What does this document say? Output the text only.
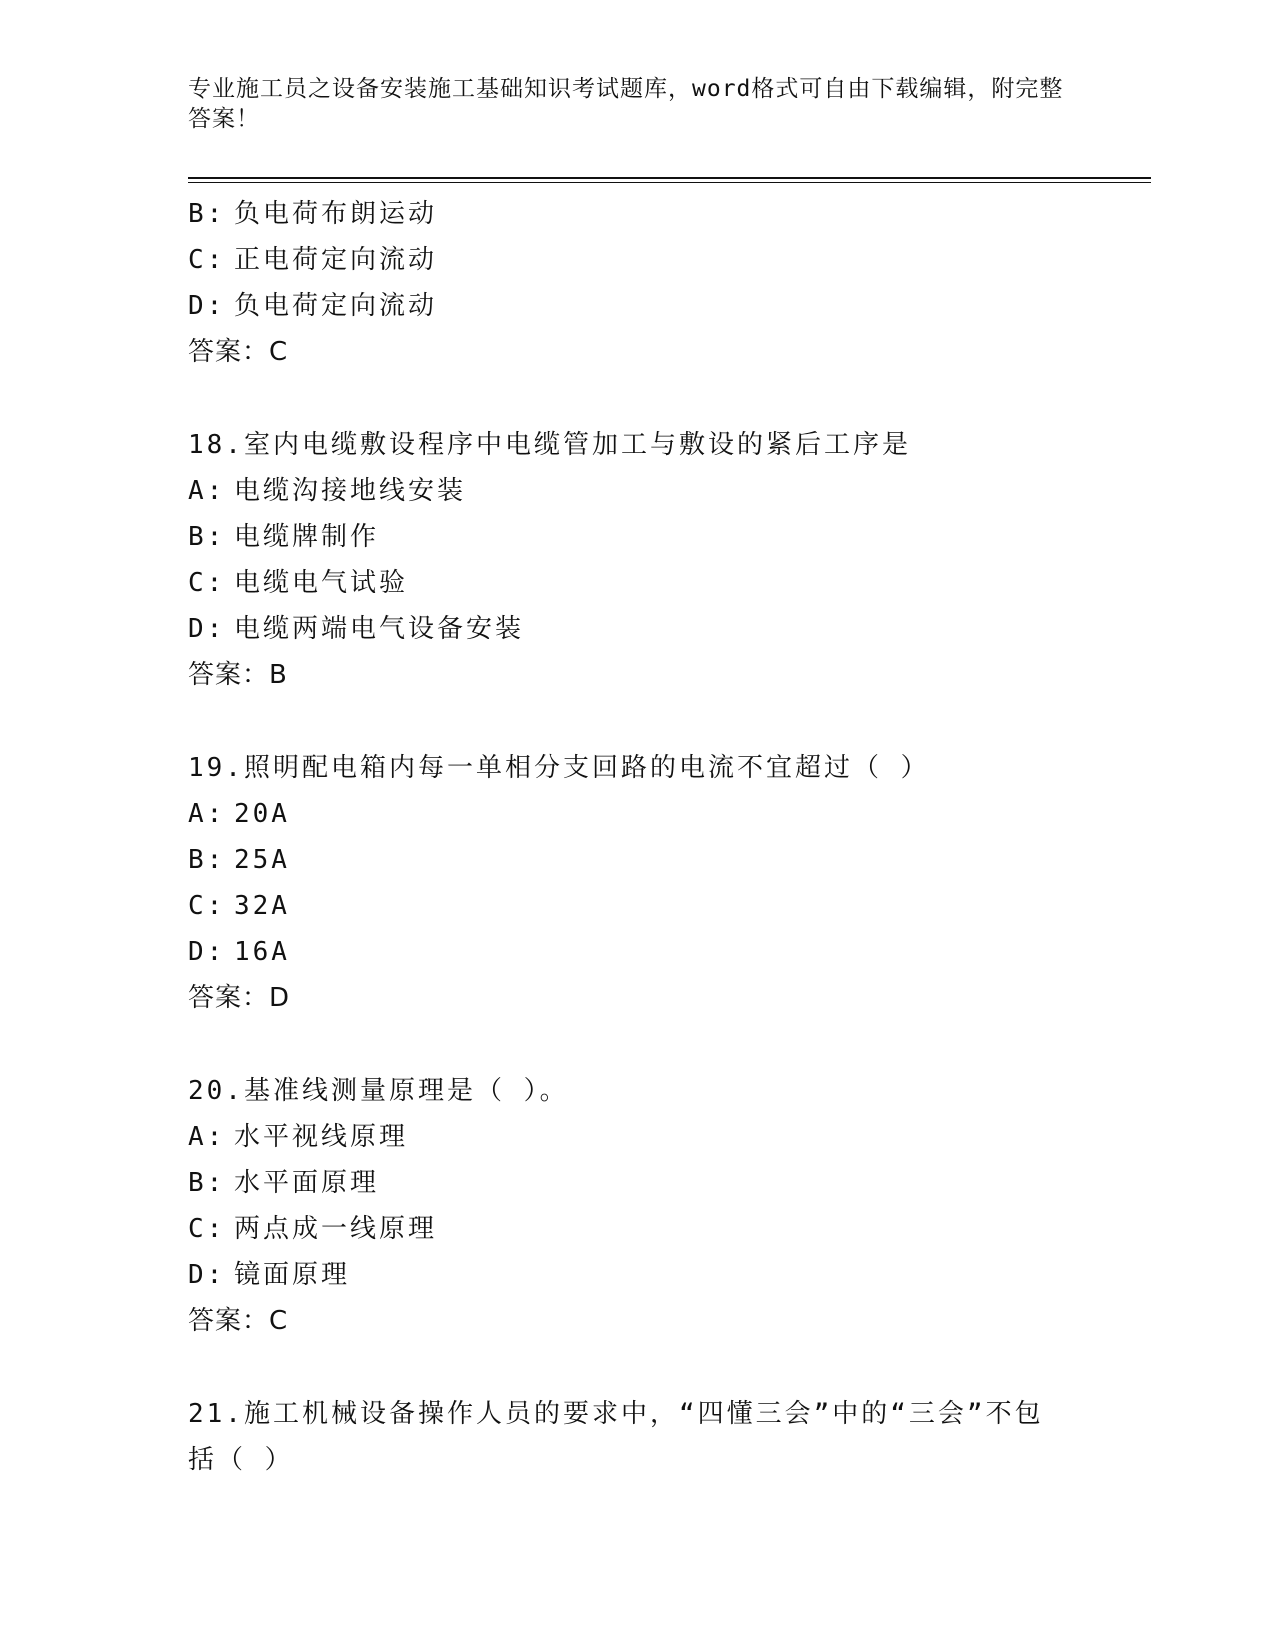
专业施工员之设备安装施工基础知识考试题库，word格式可自由下载编辑，附完整答案！
B: 负电荷布朗运动
C: 正电荷定向流动
D: 负电荷定向流动
答案：C
18.室内电缆敷设程序中电缆管加工与敷设的紧后工序是
A: 电缆沟接地线安装
B: 电缆牌制作
C: 电缆电气试验
D: 电缆两端电气设备安装
答案：B
19.照明配电箱内每一单相分支回路的电流不宜超过（ ）
A: 20A
B: 25A
C: 32A
D: 16A
答案：D
20.基准线测量原理是（ ）。
A: 水平视线原理
B: 水平面原理
C: 两点成一线原理
D: 镜面原理
答案：C
21.施工机械设备操作人员的要求中，“四懂三会”中的“三会”不包
括（ ）
